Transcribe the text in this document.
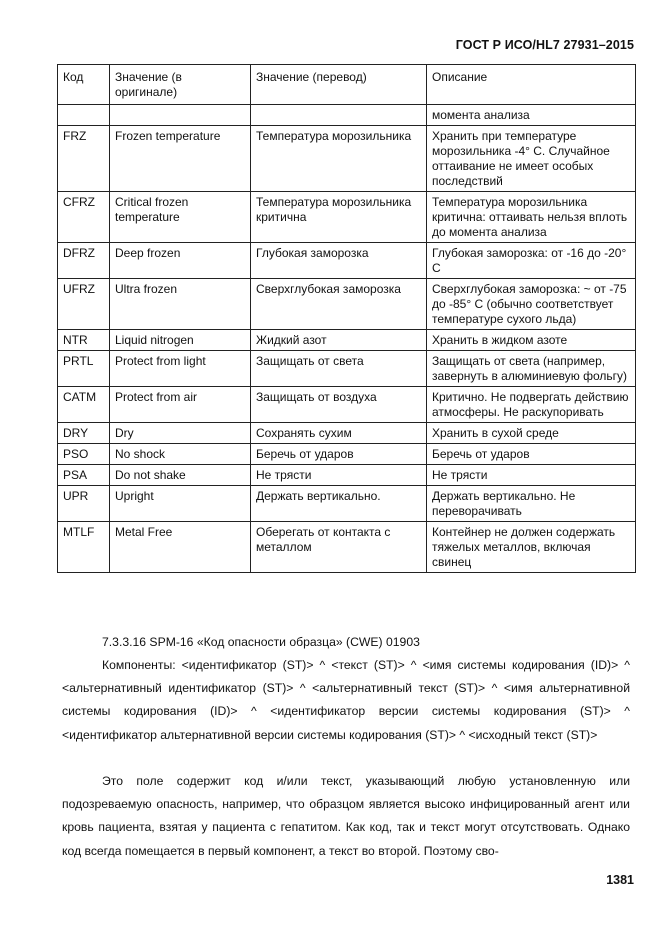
ГОСТ Р ИСО/HL7 27931–2015
Код	Значение (в оригинале)	Значение (перевод)	Описание
			момента анализа
FRZ	Frozen temperature	Температура морозильника	Хранить при температуре морозильника -4° С. Случайное оттаивание не имеет особых последствий
CFRZ	Critical frozen temperature	Температура морозильника критична	Температура морозильника критична: оттаивать нельзя вплоть до момента анализа
DFRZ	Deep frozen	Глубокая заморозка	Глубокая заморозка: от -16 до -20° С
UFRZ	Ultra frozen	Сверхглубокая заморозка	Сверхглубокая заморозка: ~ от -75 до -85° С (обычно соответствует температуре сухого льда)
NTR	Liquid nitrogen	Жидкий азот	Хранить в жидком азоте
PRTL	Protect from light	Защищать от света	Защищать от света (например, завернуть в алюминиевую фольгу)
CATM	Protect from air	Защищать от воздуха	Критично. Не подвергать действию атмосферы. Не раскупоривать
DRY	Dry	Сохранять сухим	Хранить в сухой среде
PSO	No shock	Беречь от ударов	Беречь от ударов
PSA	Do not shake	Не трясти	Не трясти
UPR	Upright	Держать вертикально.	Держать вертикально. Не переворачивать
MTLF	Metal Free	Оберегать от контакта с металлом	Контейнер не должен содержать тяжелых металлов, включая свинец
7.3.3.16 SPM-16 «Код опасности образца» (CWE) 01903
Компоненты: <идентификатор (ST)> ^ <текст (ST)> ^ <имя системы кодирования (ID)> ^ <альтернативный идентификатор (ST)> ^ <альтернативный текст (ST)> ^ <имя альтернативной системы кодирования (ID)> ^ <идентификатор версии системы кодирования (ST)> ^ <идентификатор альтернативной версии системы кодирования (ST)> ^ <исходный текст (ST)>
Это поле содержит код и/или текст, указывающий любую установленную или подозреваемую опасность, например, что образцом является высоко инфицированный агент или кровь пациента, взятая у пациента с гепатитом. Как код, так и текст могут отсутствовать. Однако код всегда помещается в первый компонент, а текст во второй. Поэтому сво-
1381
